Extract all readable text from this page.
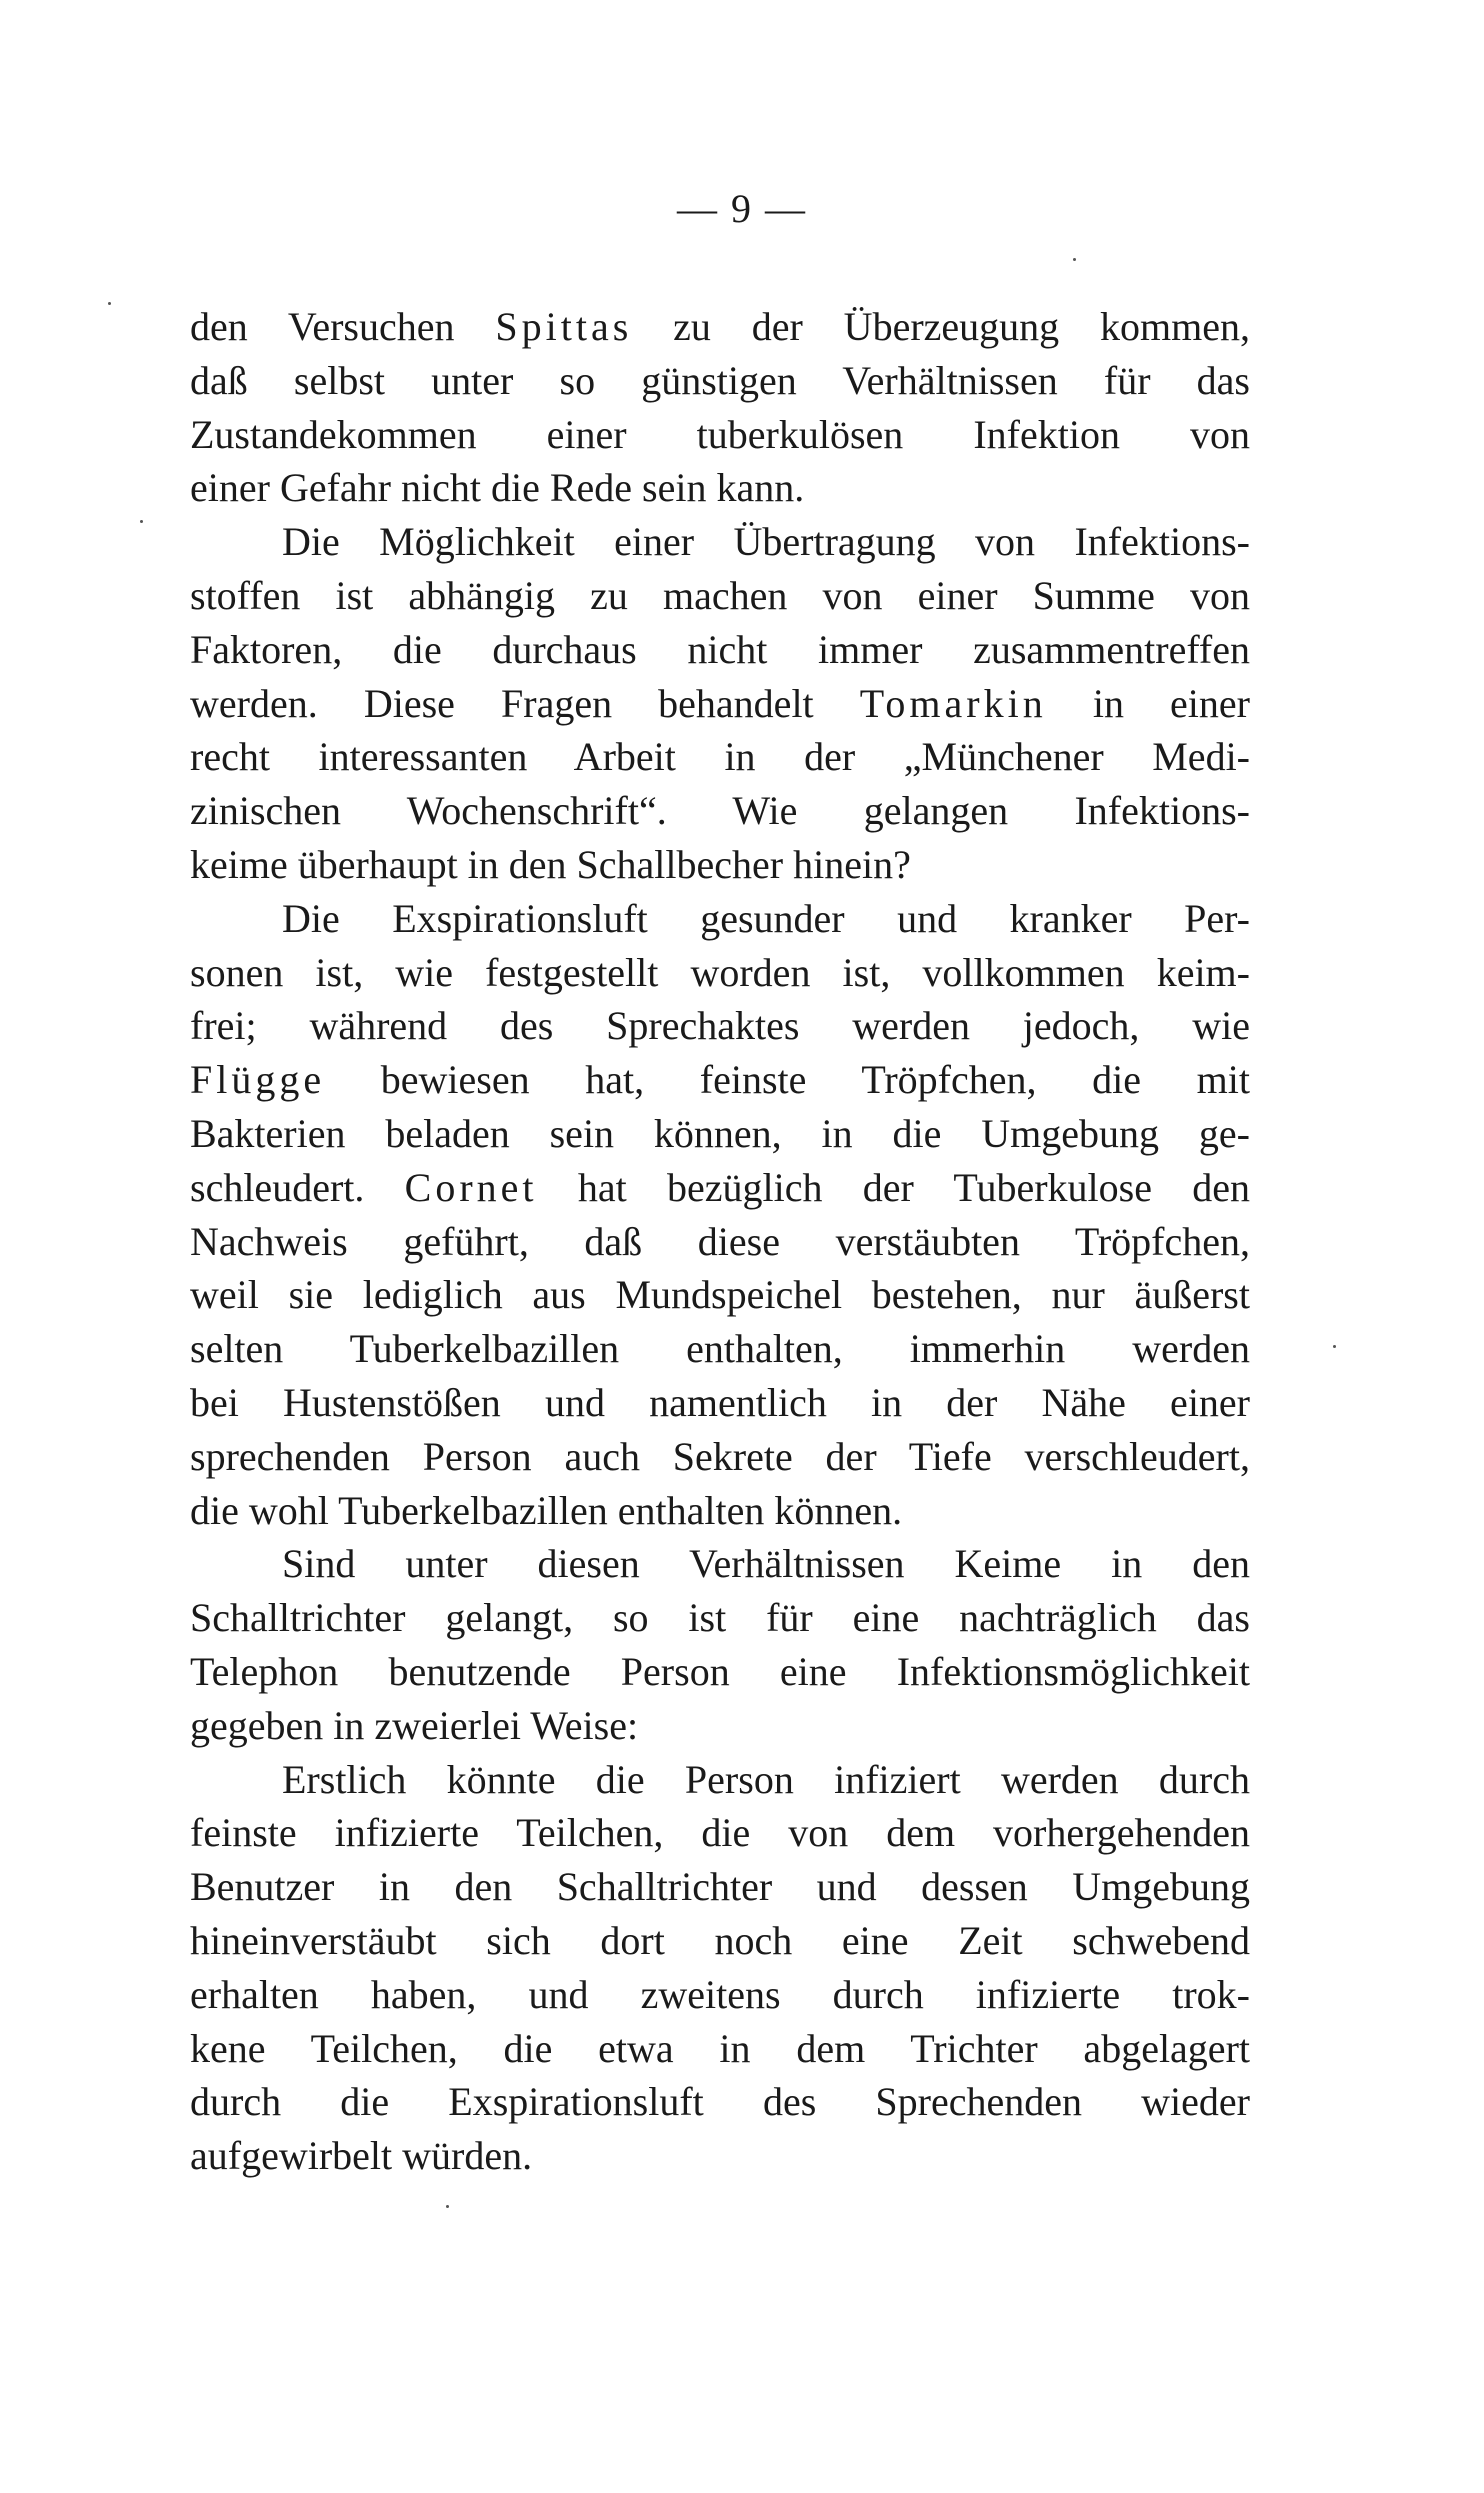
— 9 —
den Versuchen Spittas zu der Überzeugung kommen,
daß selbst unter so günstigen Verhältnissen für das
Zustandekommen einer tuberkulösen Infektion von
einer Gefahr nicht die Rede sein kann.
Die Möglichkeit einer Übertragung von Infektions-
stoffen ist abhängig zu machen von einer Summe von
Faktoren, die durchaus nicht immer zusammentreffen
werden. Diese Fragen behandelt Tomarkin in einer
recht interessanten Arbeit in der „Münchener Medi-
zinischen Wochenschrift“. Wie gelangen Infektions-
keime überhaupt in den Schallbecher hinein?
Die Exspirationsluft gesunder und kranker Per-
sonen ist, wie festgestellt worden ist, vollkommen keim-
frei; während des Sprechaktes werden jedoch, wie
Flügge bewiesen hat, feinste Tröpfchen, die mit
Bakterien beladen sein können, in die Umgebung ge-
schleudert. Cornet hat bezüglich der Tuberkulose den
Nachweis geführt, daß diese verstäubten Tröpfchen,
weil sie lediglich aus Mundspeichel bestehen, nur äußerst
selten Tuberkelbazillen enthalten, immerhin werden
bei Hustenstößen und namentlich in der Nähe einer
sprechenden Person auch Sekrete der Tiefe verschleudert,
die wohl Tuberkelbazillen enthalten können.
Sind unter diesen Verhältnissen Keime in den
Schalltrichter gelangt, so ist für eine nachträglich das
Telephon benutzende Person eine Infektionsmöglichkeit
gegeben in zweierlei Weise:
Erstlich könnte die Person infiziert werden durch
feinste infizierte Teilchen, die von dem vorhergehenden
Benutzer in den Schalltrichter und dessen Umgebung
hineinverstäubt sich dort noch eine Zeit schwebend
erhalten haben, und zweitens durch infizierte trok-
kene Teilchen, die etwa in dem Trichter abgelagert
durch die Exspirationsluft des Sprechenden wieder
aufgewirbelt würden.
